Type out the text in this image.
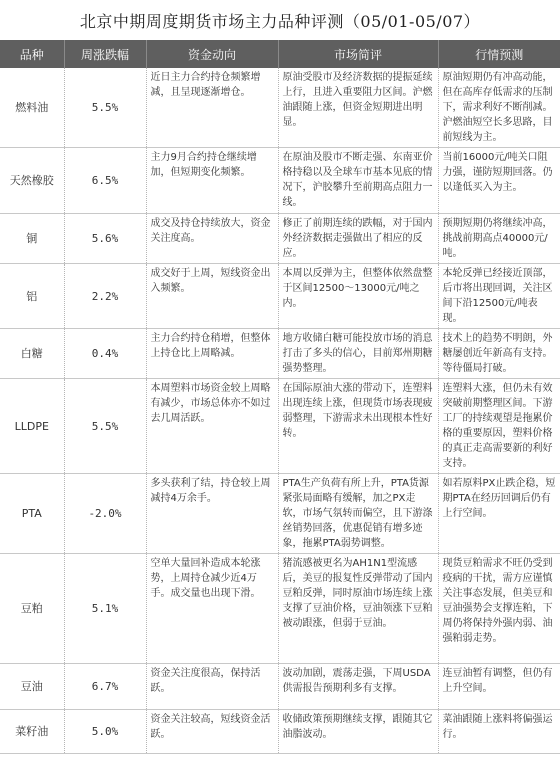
北京中期周度期货市场主力品种评测（05/01-05/07）
品种	周涨跌幅	资金动向	市场简评	行情预测
燃料油	5.5%	近日主力合约持仓频繁增减，且呈现逐渐增仓。	原油受股市及经济数据的提振延续上行，且进入重要阻力区间。沪燃油跟随上涨，但资金短期进出明显。	原油短期仍有冲高动能，但在高库存低需求的压制下，需求利好不断削减。沪燃油短空长多思路，目前短线为主。
天然橡胶	6.5%	主力9月合约持仓继续增加，但短期变化频繁。	在原油及股市不断走强、东南亚价格持稳以及全球车市基本见底的情况下，沪胶攀升至前期高点阻力一线。	当前16000元/吨关口阻力强，谨防短期回落。仍以逢低买入为主。
铜	5.6%	成交及持仓持续放大，资金关注度高。	修正了前期连续的跌幅，对于国内外经济数据走强做出了相应的反应。	预期短期仍将继续冲高，挑战前期高点40000元/吨。
铝	2.2%	成交好于上周，短线资金出入频繁。	本周以反弹为主，但整体依然盘整于区间12500～13000元/吨之内。	本轮反弹已经接近顶部，后市将出现回调，关注区间下沿12500元/吨表现。
白糖	0.4%	主力合约持仓稍增，但整体上持仓比上周略减。	地方收储白糖可能投放市场的消息打击了多头的信心，目前郑州期糖强势整理。	技术上的趋势不明朗，外糖屡创近年新高有支持。等待僵局打破。
LLDPE	5.5%	本周塑料市场资金较上周略有减少，市场总体亦不如过去几周活跃。	在国际原油大涨的带动下，连塑料出现连续上涨，但现货市场表现疲弱整理，下游需求未出现根本性好转。	连塑料大涨，但仍未有效突破前期整理区间。下游工厂的持续观望是拖累价格的重要原因，塑料价格的真正走高需要新的利好支持。
PTA	-2.0%	多头获利了结，持仓较上周减持4万余手。	PTA生产负荷有所上升，PTA货源紧张局面略有缓解，加之PX走软，市场气氛转而偏空，且下游涤丝销势回落，优惠促销有增多迹象，拖累PTA弱势调整。	如若原料PX止跌企稳，短期PTA在经历回调后仍有上行空间。
豆粕	5.1%	空单大量回补造成本轮涨势，上周持仓减少近4万手。成交量也出现下滑。	猪流感被更名为AH1N1型流感后，美豆的报复性反弹带动了国内豆粕反弹，同时原油市场连续上涨支撑了豆油价格，豆油领涨下豆粕被动跟涨，但弱于豆油。	现货豆粕需求不旺仍受到疫病的干扰，需方应谨慎关注事态发展，但美豆和豆油强势会支撑连粕，下周仍将保持外强内弱、油强粕弱走势。
豆油	6.7%	资金关注度很高，保持活跃。	波动加剧，震荡走强，下周USDA供需报告预期利多有支撑。	连豆油暂有调整，但仍有上升空间。
菜籽油	5.0%	资金关注较高，短线资金活跃。	收储政策预期继续支撑，跟随其它油脂波动。	菜油跟随上涨料将偏强运行。
